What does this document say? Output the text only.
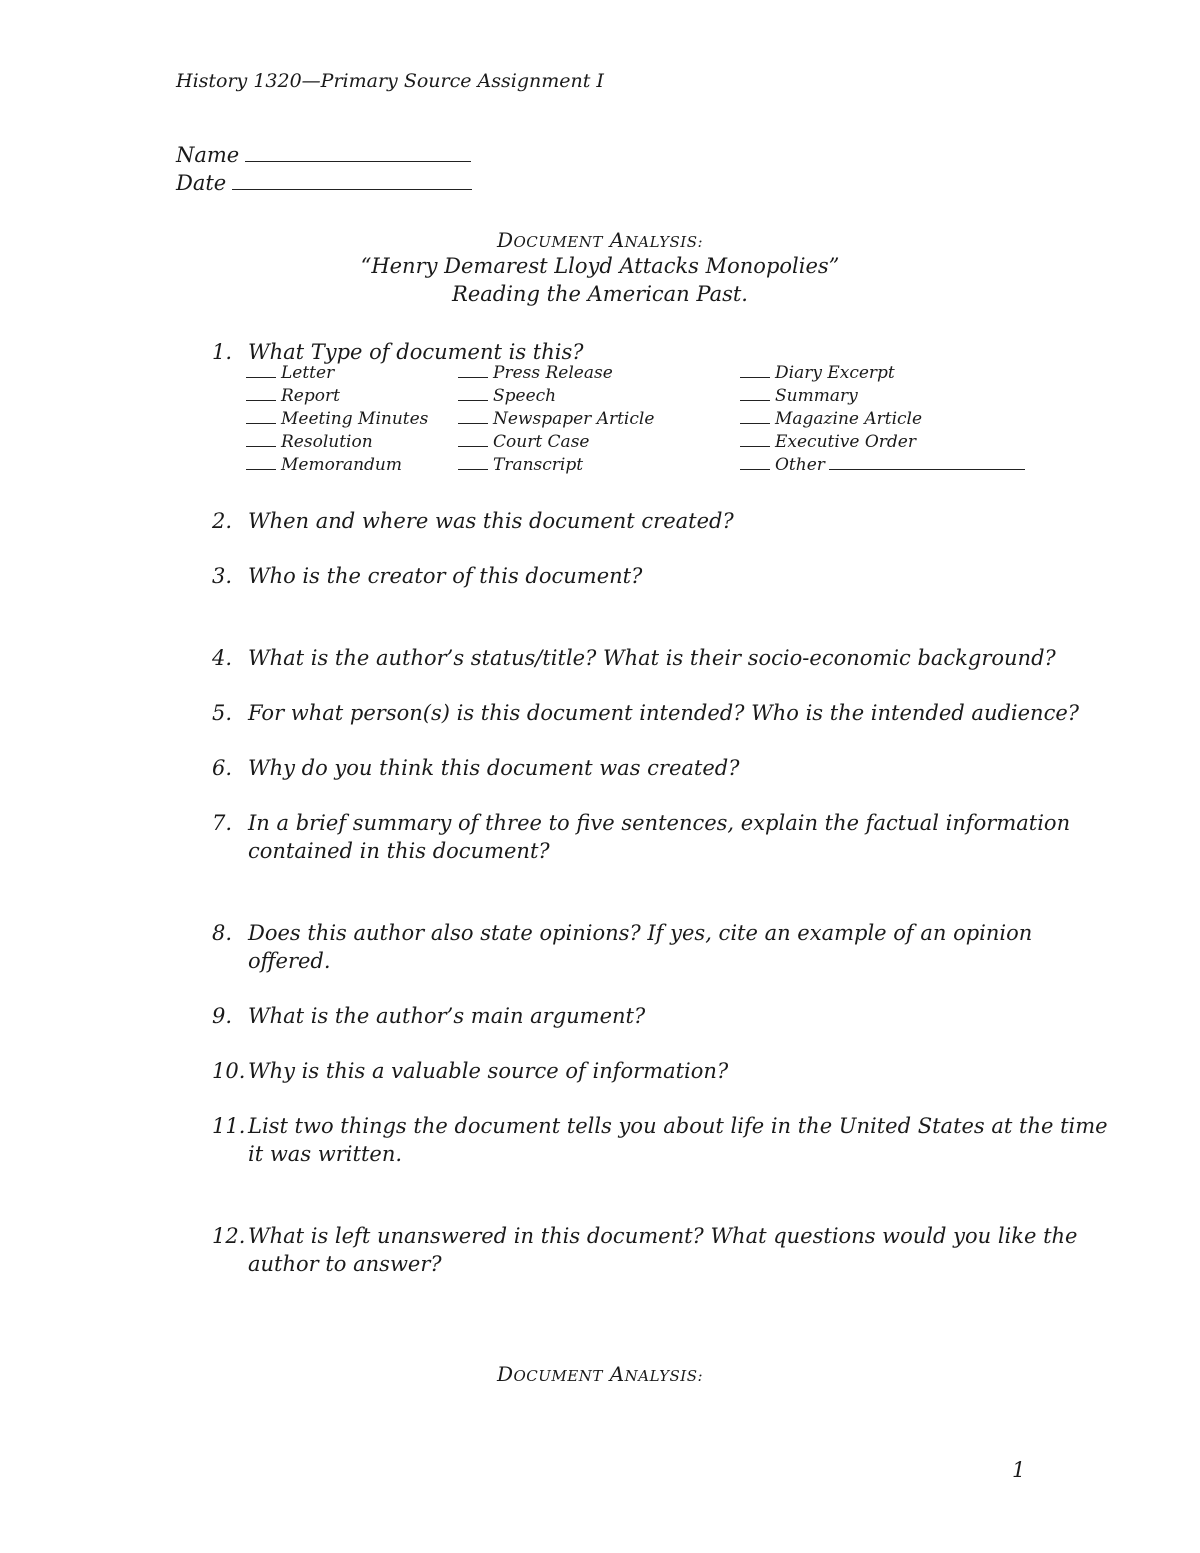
History 1320—Primary Source Assignment I
Name
Date
DOCUMENT ANALYSIS:
“Henry Demarest Lloyd Attacks Monopolies”
Reading the American Past.
1. What Type of document is this?
Letter	Press Release	Diary Excerpt
Report	Speech	Summary
Meeting Minutes	Newspaper Article	Magazine Article
Resolution	Court Case	Executive Order
Memorandum	Transcript	Other
2. When and where was this document created?
3. Who is the creator of this document?
4. What is the author’s status/title? What is their socio-economic background?
5. For what person(s) is this document intended? Who is the intended audience?
6. Why do you think this document was created?
7. In a brief summary of three to five sentences, explain the factual information
contained in this document?
8. Does this author also state opinions? If yes, cite an example of an opinion
offered.
9. What is the author’s main argument?
10. Why is this a valuable source of information?
11. List two things the document tells you about life in the United States at the time
it was written.
12. What is left unanswered in this document? What questions would you like the
author to answer?
DOCUMENT ANALYSIS:
1
